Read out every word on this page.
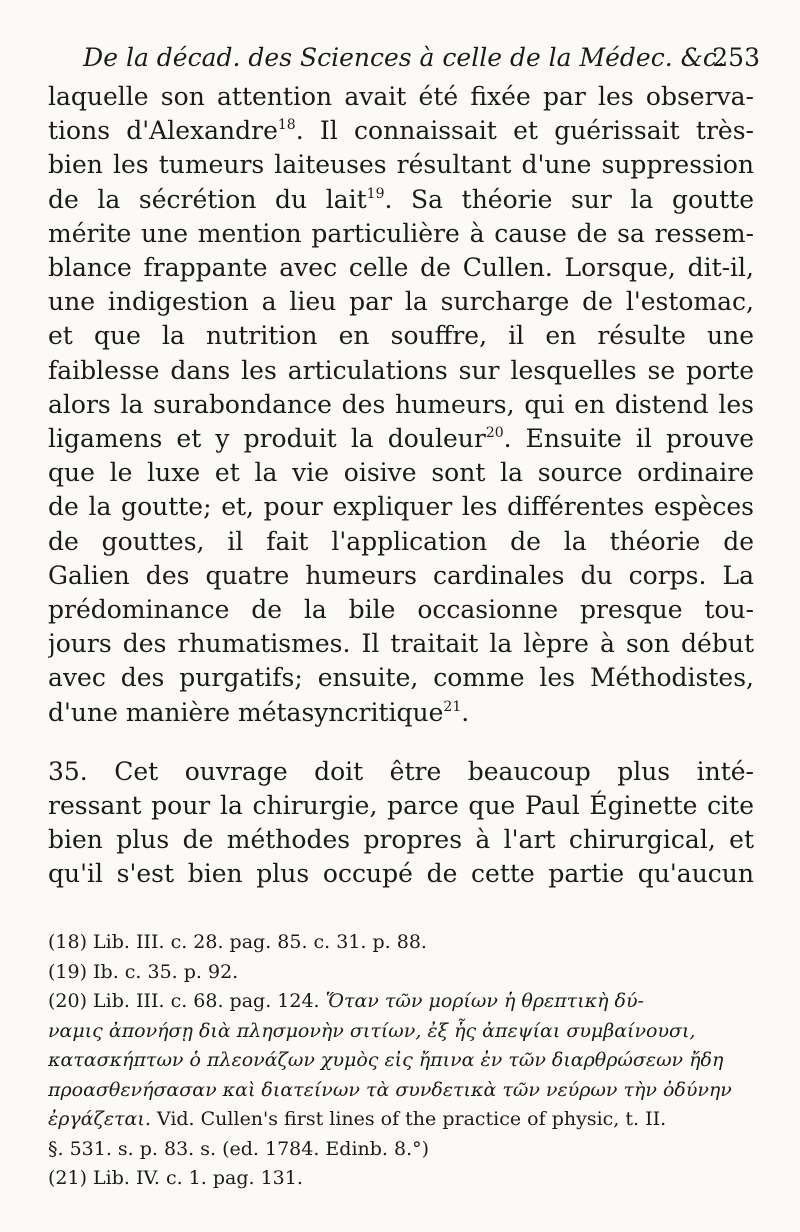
De la décad. des Sciences à celle de la Médec. &c.
253
laquelle son attention avait été fixée par les observa-
tions d'Alexandre$^{18}$. Il connaissait et guérissait très-
bien les tumeurs laiteuses résultant d'une suppression
de la sécrétion du lait$^{19}$. Sa théorie sur la goutte
mérite une mention particulière à cause de sa ressem-
blance frappante avec celle de Cullen. Lorsque, dit-il,
une indigestion a lieu par la surcharge de l'estomac,
et que la nutrition en souffre, il en résulte une
faiblesse dans les articulations sur lesquelles se porte
alors la surabondance des humeurs, qui en distend les
ligamens et y produit la douleur$^{20}$. Ensuite il prouve
que le luxe et la vie oisive sont la source ordinaire
de la goutte; et, pour expliquer les différentes espèces
de gouttes, il fait l'application de la théorie de
Galien des quatre humeurs cardinales du corps. La
prédominance de la bile occasionne presque tou-
jours des rhumatismes. Il traitait la lèpre à son début
avec des purgatifs; ensuite, comme les Méthodistes,
d'une manière métasyncritique$^{21}$.
35. Cet ouvrage doit être beaucoup plus inté-
ressant pour la chirurgie, parce que Paul Éginette cite
bien plus de méthodes propres à l'art chirurgical, et
qu'il s'est bien plus occupé de cette partie qu'aucun
(18) Lib. III. c. 28. pag. 85. c. 31. p. 88.
(19) Ib. c. 35. p. 92.
(20) Lib. III. c. 68. pag. 124. Ὅταν τῶν μορίων ἡ θρεπτικὴ δύ-
ναμις ἀπονήσῃ διὰ πλησμονὴν σιτίων, ἐξ ἧς ἀπεψίαι συμβαίνουσι,
κατασκήπτων ὁ πλεονάζων χυμὸς εἰς ἤπινα ἐν τῶν διαρθρώσεων ἤδη
προασθενήσασαν καὶ διατείνων τὰ συνδετικὰ τῶν νεύρων τὴν ὀδύνην
ἐργάζεται. Vid. Cullen's first lines of the practice of physic, t. II.
§. 531. s. p. 83. s. (ed. 1784. Edinb. 8.°)
(21) Lib. IV. c. 1. pag. 131.
